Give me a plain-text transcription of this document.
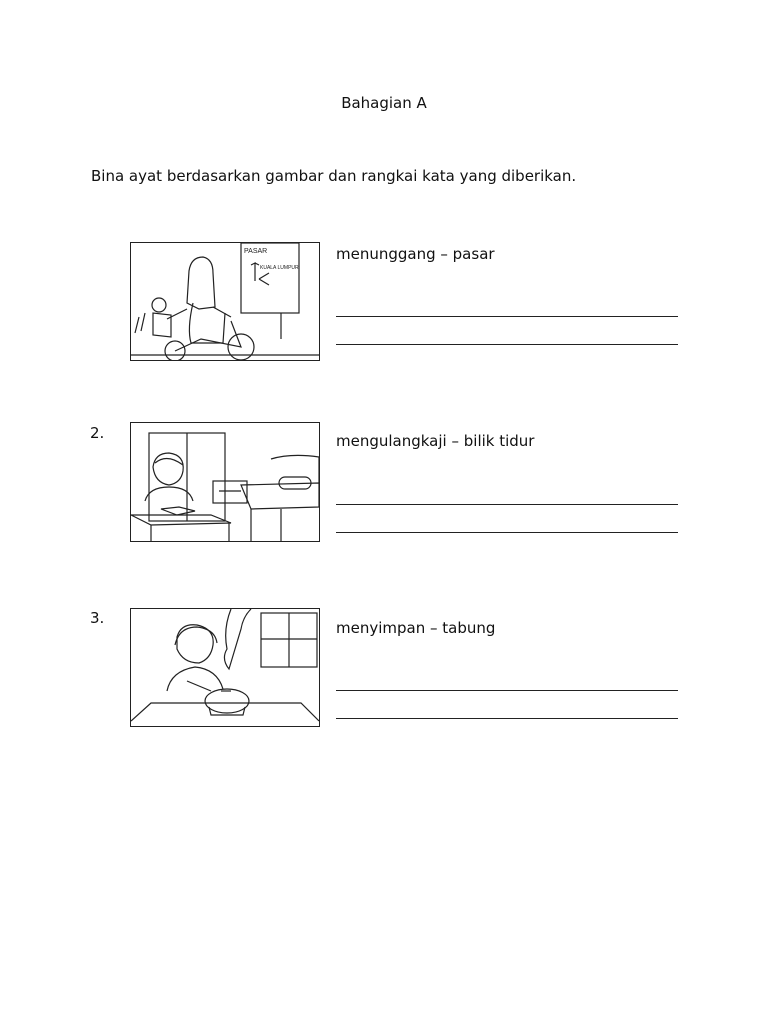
Bahagian A
Bina ayat berdasarkan gambar dan rangkai kata yang diberikan.
PASAR
KUALA LUMPUR
menunggang – pasar
2.	mengulangkaji – bilik tidur
3.
menyimpan – tabung
